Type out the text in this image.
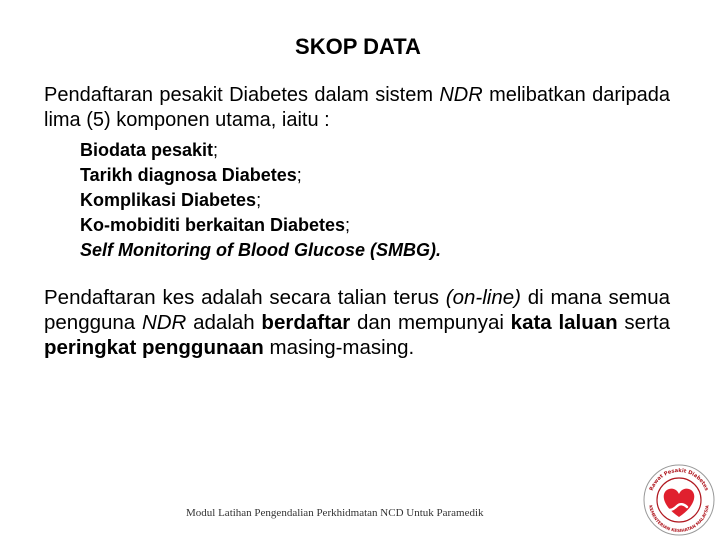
SKOP DATA

Pendaftaran pesakit Diabetes dalam sistem NDR melibatkan daripada lima (5) komponen utama, iaitu :

Biodata pesakit;
Tarikh diagnosa Diabetes;
Komplikasi Diabetes;
Ko-mobiditi berkaitan Diabetes;
Self Monitoring of Blood Glucose (SMBG).

Pendaftaran kes adalah secara talian terus (on-line) di mana semua pengguna NDR adalah berdaftar dan mempunyai kata laluan serta peringkat penggunaan masing-masing.

Modul Latihan Pengendalian Perkhidmatan NCD Untuk Paramedik
Rawat Pesakit Diabetes
KEMENTERIAN KESIHATAN MALAYSIA
